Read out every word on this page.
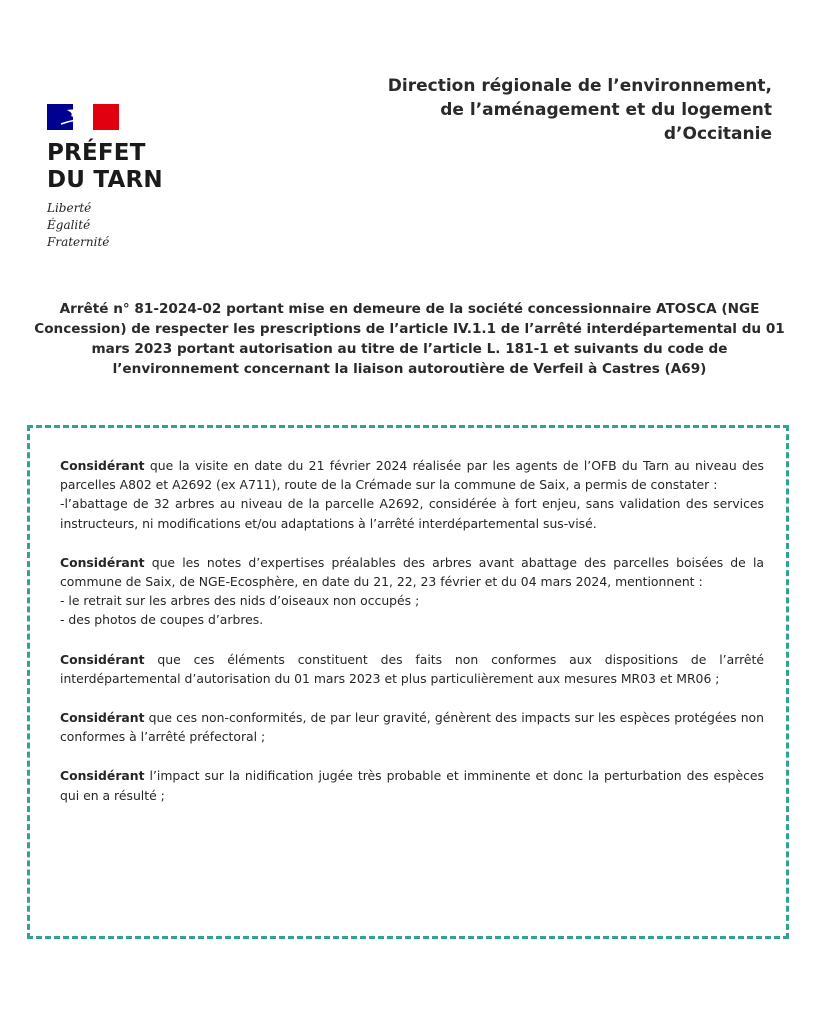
PRÉFET
DU TARN
Liberté
Égalité
Fraternité
Direction régionale de l’environnement,
de l’aménagement et du logement
d’Occitanie
Arrêté n° 81-2024-02 portant mise en demeure de la société concessionnaire ATOSCA (NGE Concession) de respecter les prescriptions de l’article IV.1.1 de l’arrêté interdépartemental du 01 mars 2023 portant autorisation au titre de l’article L. 181-1 et suivants du code de l’environnement concernant la liaison autoroutière de Verfeil à Castres (A69)

Considérant que la visite en date du 21 février 2024 réalisée par les agents de l’OFB du Tarn au niveau des parcelles A802 et A2692 (ex A711), route de la Crémade sur la commune de Saix, a permis de constater :
-l’abattage de 32 arbres au niveau de la parcelle A2692, considérée à fort enjeu, sans validation des services instructeurs, ni modifications et/ou adaptations à l’arrêté interdépartemental sus-visé.

Considérant que les notes d’expertises préalables des arbres avant abattage des parcelles boisées de la commune de Saix, de NGE-Ecosphère, en date du 21, 22, 23 février et du 04 mars 2024, mentionnent :
- le retrait sur les arbres des nids d’oiseaux non occupés ;
- des photos de coupes d’arbres.

Considérant que ces éléments constituent des faits non conformes aux dispositions de l’arrêté interdépartemental d’autorisation du 01 mars 2023 et plus particulièrement aux mesures MR03 et MR06 ;

Considérant que ces non-conformités, de par leur gravité, génèrent des impacts sur les espèces protégées non conformes à l’arrêté préfectoral ;

Considérant l’impact sur la nidification jugée très probable et imminente et donc la perturbation des espèces qui en a résulté ;
